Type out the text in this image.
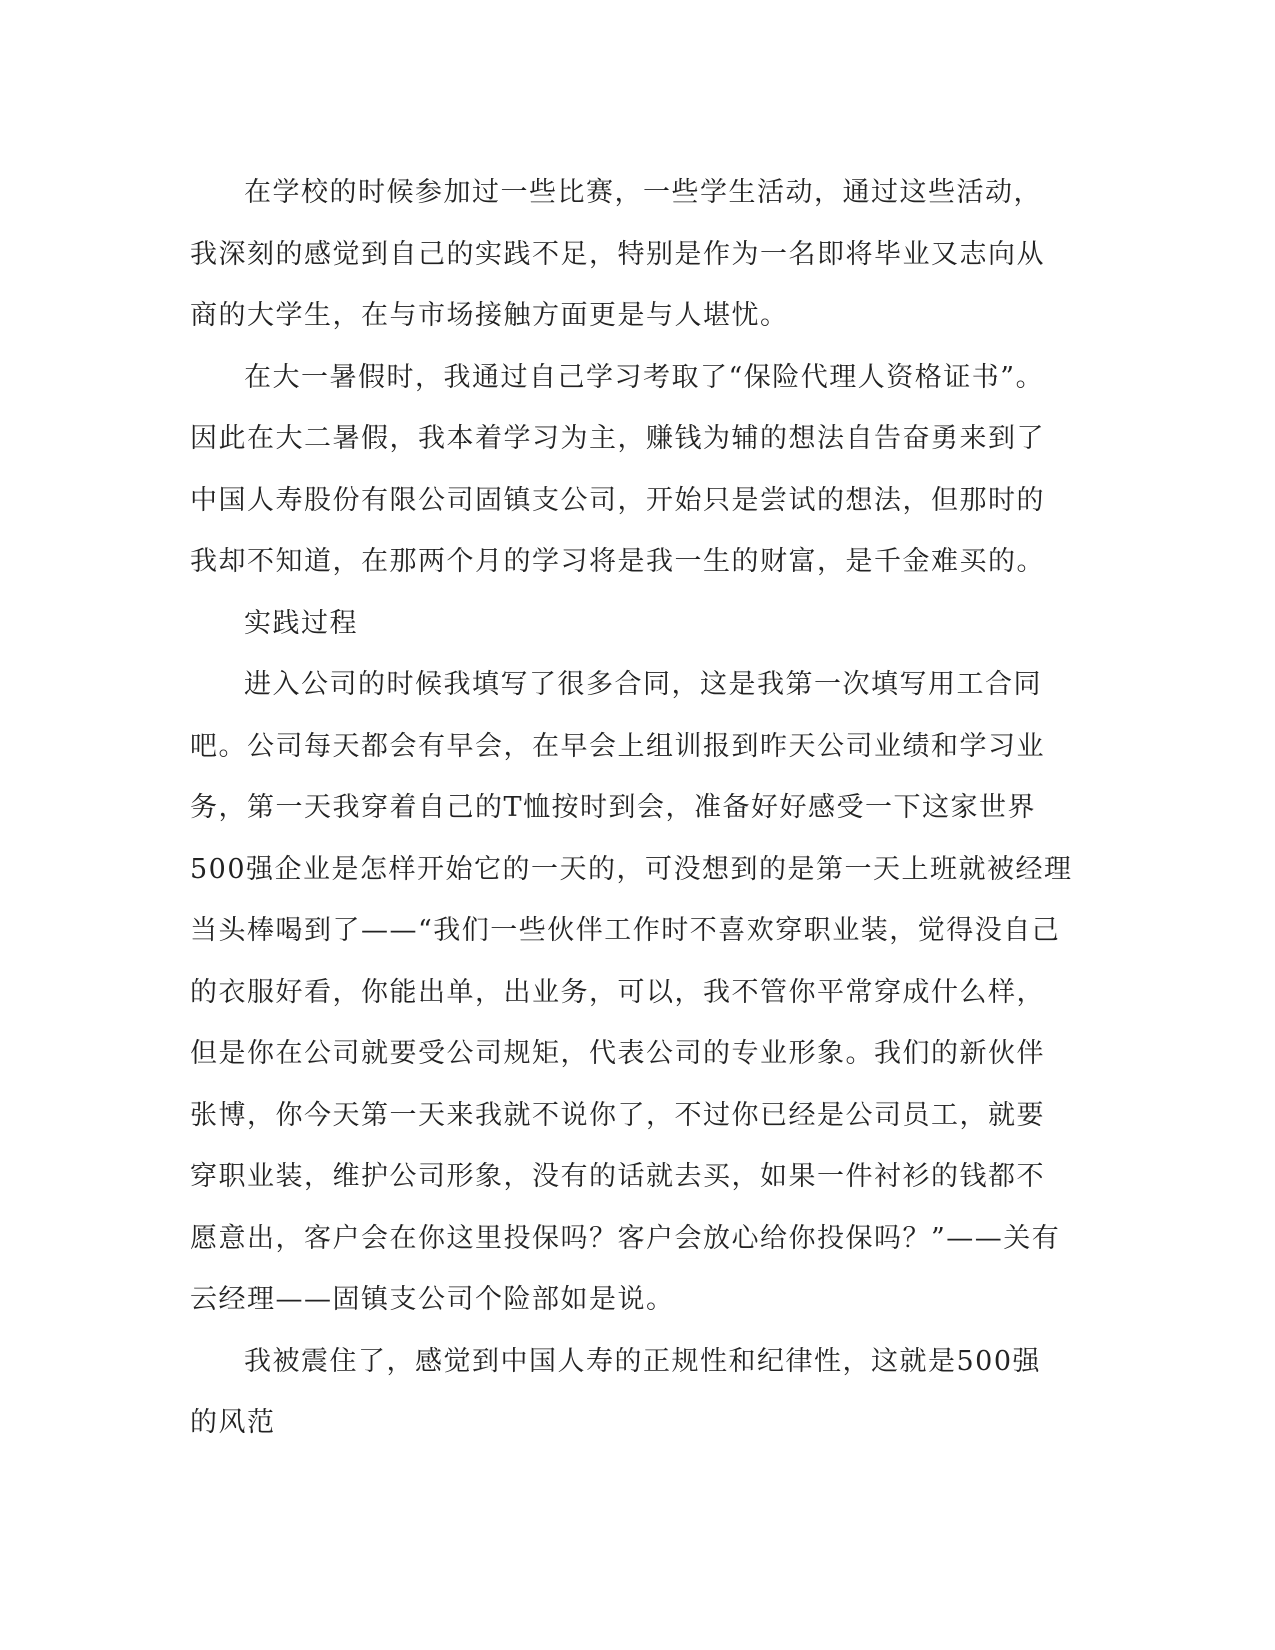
在学校的时候参加过一些比赛，一些学生活动，通过这些活动，
我深刻的感觉到自己的实践不足，特别是作为一名即将毕业又志向从
商的大学生，在与市场接触方面更是与人堪忧。

在大一暑假时，我通过自己学习考取了“保险代理人资格证书”。
因此在大二暑假，我本着学习为主，赚钱为辅的想法自告奋勇来到了
中国人寿股份有限公司固镇支公司，开始只是尝试的想法，但那时的
我却不知道，在那两个月的学习将是我一生的财富，是千金难买的。

实践过程

进入公司的时候我填写了很多合同，这是我第一次填写用工合同
吧。公司每天都会有早会，在早会上组训报到昨天公司业绩和学习业
务，第一天我穿着自己的T恤按时到会，准备好好感受一下这家世界
500强企业是怎样开始它的一天的，可没想到的是第一天上班就被经理
当头棒喝到了——“我们一些伙伴工作时不喜欢穿职业装，觉得没自己
的衣服好看，你能出单，出业务，可以，我不管你平常穿成什么样，
但是你在公司就要受公司规矩，代表公司的专业形象。我们的新伙伴
张博，你今天第一天来我就不说你了，不过你已经是公司员工，就要
穿职业装，维护公司形象，没有的话就去买，如果一件衬衫的钱都不
愿意出，客户会在你这里投保吗？客户会放心给你投保吗？”——关有
云经理——固镇支公司个险部如是说。

我被震住了，感觉到中国人寿的正规性和纪律性，这就是500强
的风范
